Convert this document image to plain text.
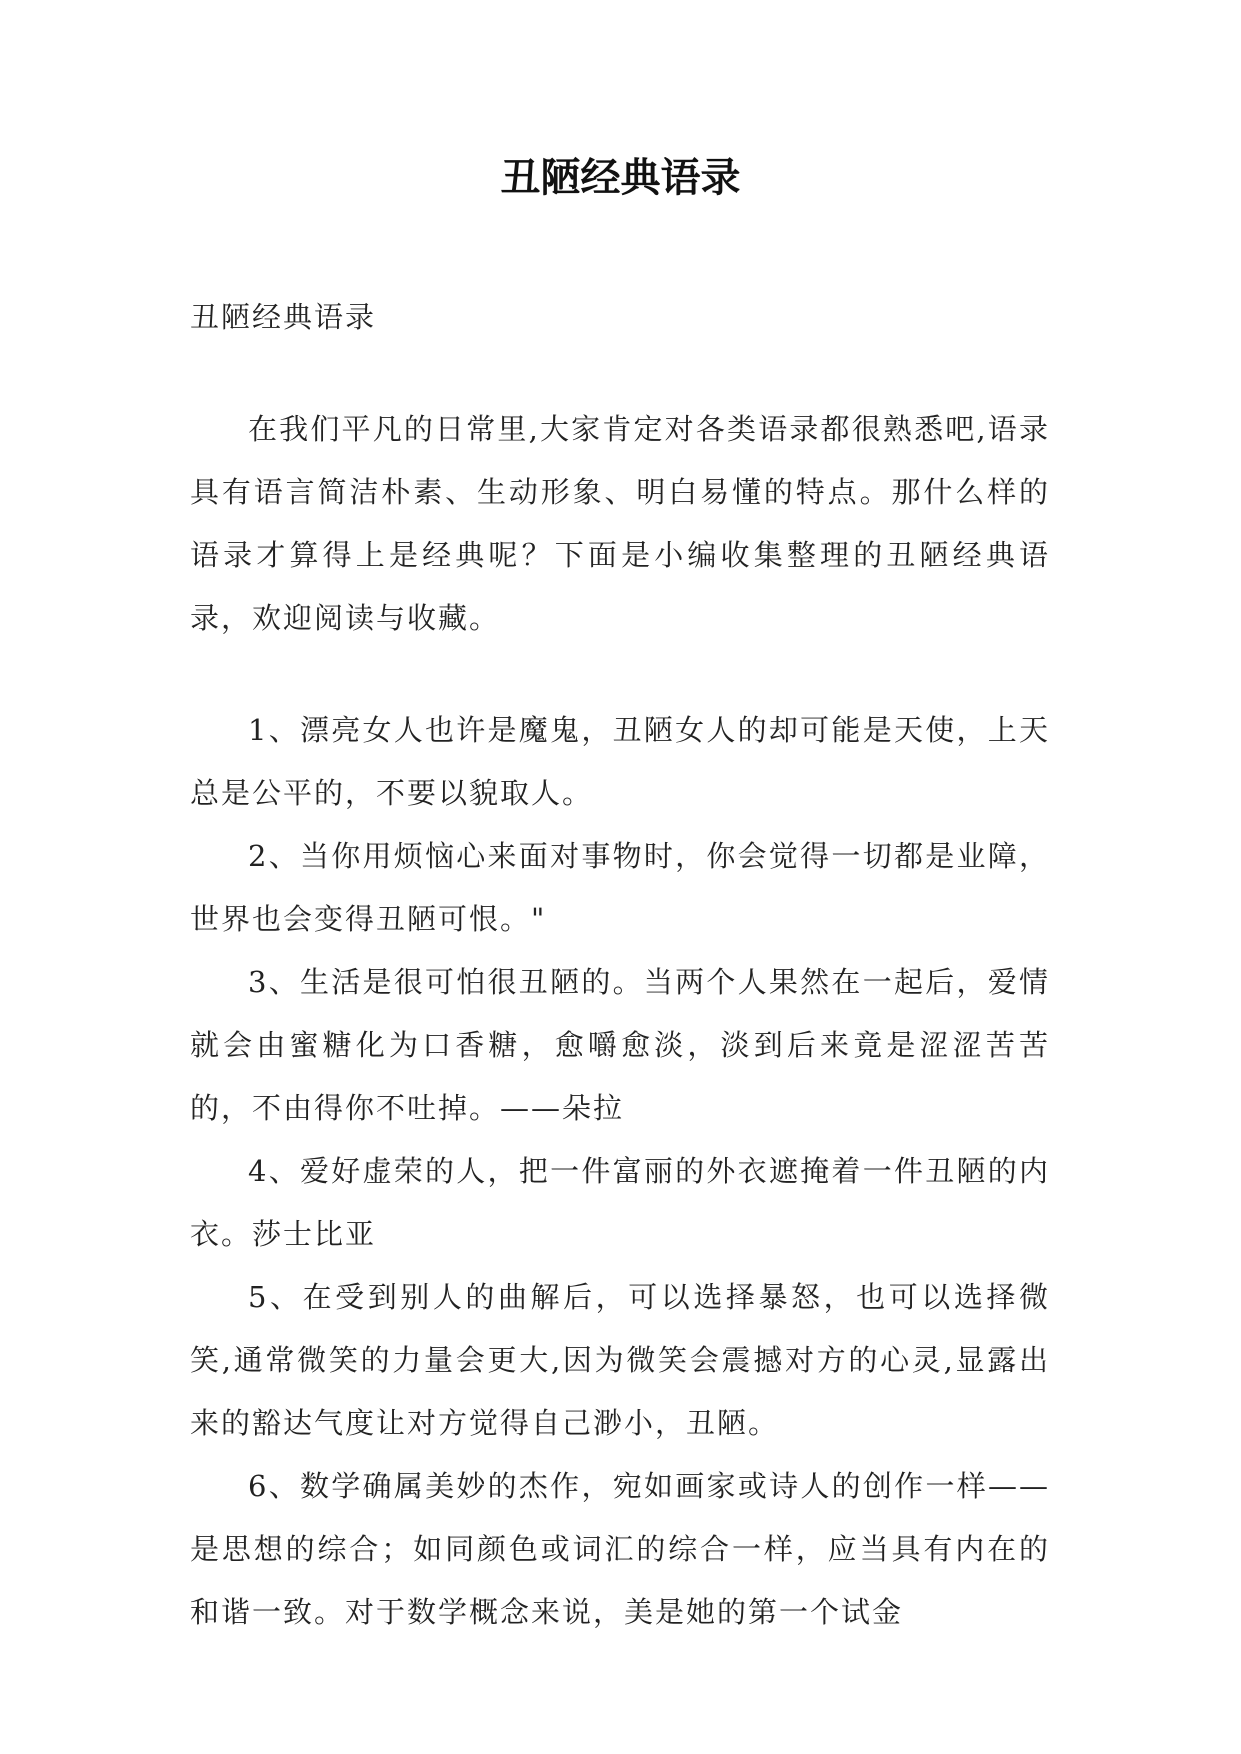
丑陋经典语录

丑陋经典语录

在我们平凡的日常里,大家肯定对各类语录都很熟悉吧,语录具有语言简洁朴素、生动形象、明白易懂的特点。那什么样的语录才算得上是经典呢？下面是小编收集整理的丑陋经典语录，欢迎阅读与收藏。

1、漂亮女人也许是魔鬼，丑陋女人的却可能是天使，上天总是公平的，不要以貌取人。

2、当你用烦恼心来面对事物时，你会觉得一切都是业障，世界也会变得丑陋可恨。"

3、生活是很可怕很丑陋的。当两个人果然在一起后，爱情就会由蜜糖化为口香糖，愈嚼愈淡，淡到后来竟是涩涩苦苦的，不由得你不吐掉。——朵拉

4、爱好虚荣的人，把一件富丽的外衣遮掩着一件丑陋的内衣。莎士比亚

5、在受到别人的曲解后，可以选择暴怒，也可以选择微笑,通常微笑的力量会更大,因为微笑会震撼对方的心灵,显露出来的豁达气度让对方觉得自己渺小，丑陋。

6、数学确属美妙的杰作，宛如画家或诗人的创作一样——是思想的综合；如同颜色或词汇的综合一样，应当具有内在的和谐一致。对于数学概念来说，美是她的第一个试金
